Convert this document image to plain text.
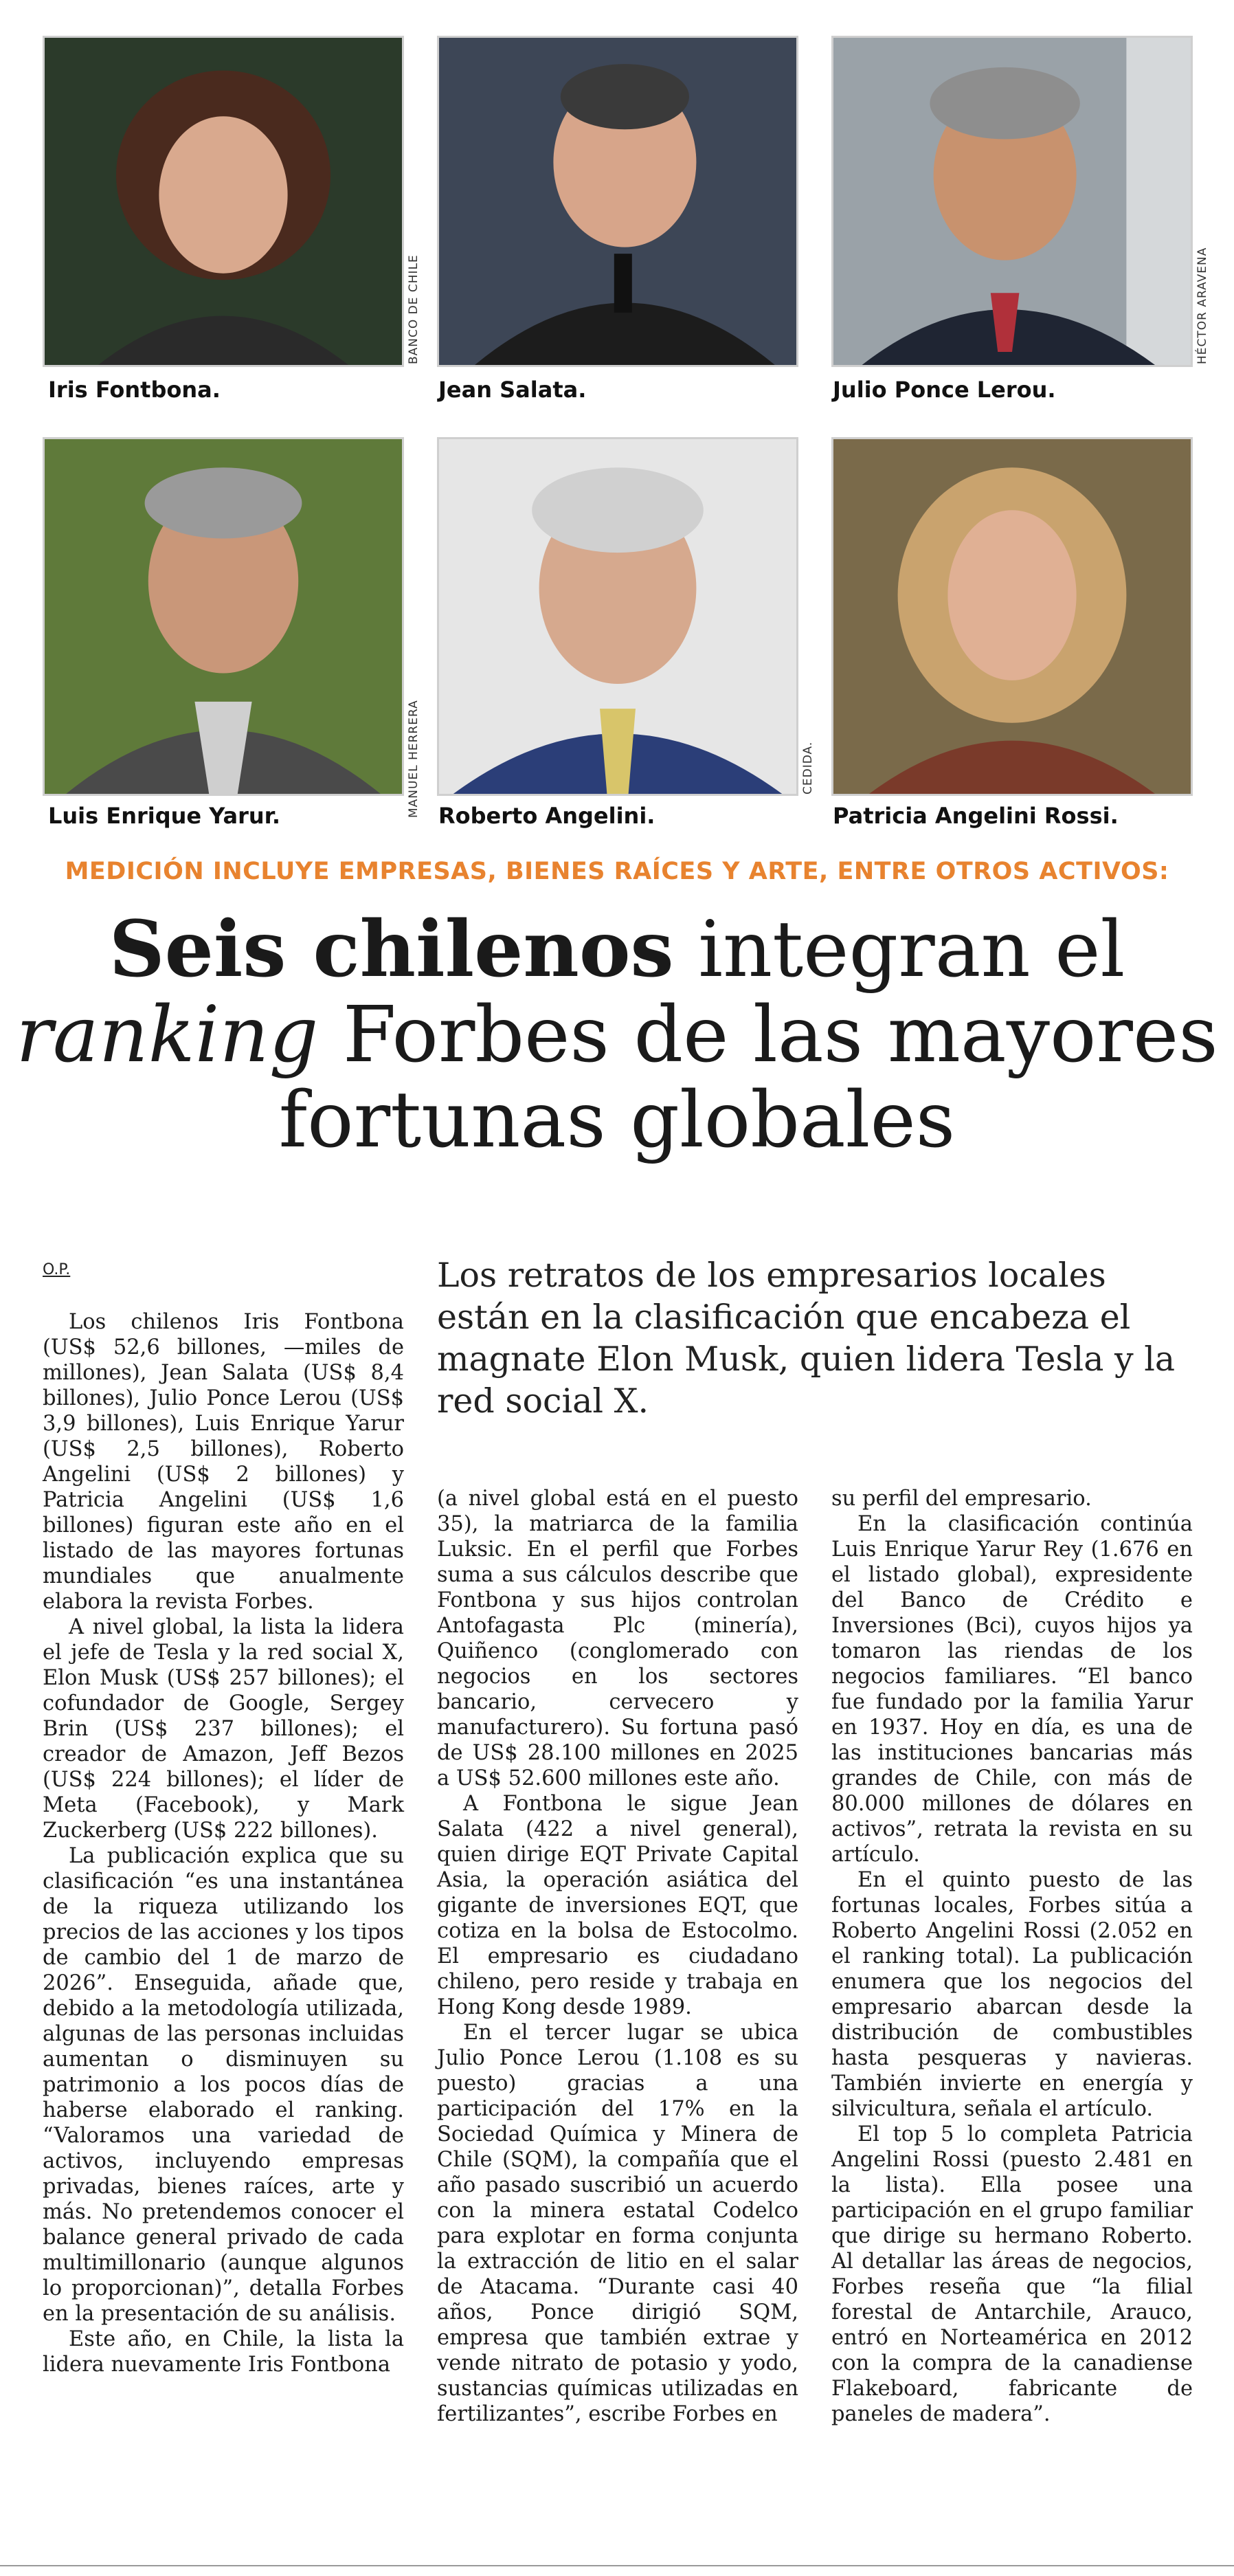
Iris Fontbona.	Jean Salata.	Julio Ponce Lerou.
BANCO DE CHILE	HÉCTOR ARAVENA
Luis Enrique Yarur.	Roberto Angelini.	Patricia Angelini Rossi.
MANUEL HERRERA	CEDIDA.
MEDICIÓN INCLUYE EMPRESAS, BIENES RAÍCES Y ARTE, ENTRE OTROS ACTIVOS:
Seis chilenos integran el
ranking Forbes de las mayores
fortunas globales
O.P.	Los retratos de los empresarios locales están en la clasificación que encabeza el magnate Elon Musk, quien lidera Tesla y la red social X.

Los chilenos Iris Fontbona (US$ 52,6 billones, —miles de millones), Jean Salata (US$ 8,4 billones), Julio Ponce Lerou (US$ 3,9 billones), Luis Enrique Yarur (US$ 2,5 billones), Roberto Angelini (US$ 2 billones) y Patricia Angelini (US$ 1,6 billones) figuran este año en el listado de las mayores fortunas mundiales que anualmente elabora la revista Forbes.

A nivel global, la lista la lidera el jefe de Tesla y la red social X, Elon Musk (US$ 257 billones); el cofundador de Google, Sergey Brin (US$ 237 billones); el creador de Amazon, Jeff Bezos (US$ 224 billones); el líder de Meta (Facebook), y Mark Zuckerberg (US$ 222 billones).

La publicación explica que su clasificación “es una instantánea de la riqueza utilizando los precios de las acciones y los tipos de cambio del 1 de marzo de 2026”. Enseguida, añade que, debido a la metodología utilizada, algunas de las personas incluidas aumentan o disminuyen su patrimonio a los pocos días de haberse elaborado el ranking. “Valoramos una variedad de activos, incluyendo empresas privadas, bienes raíces, arte y más. No pretendemos conocer el balance general privado de cada multimillonario (aunque algunos lo proporcionan)”, detalla Forbes en la presentación de su análisis.

Este año, en Chile, la lista la lidera nuevamente Iris Fontbona

(a nivel global está en el puesto 35), la matriarca de la familia Luksic. En el perfil que Forbes suma a sus cálculos describe que Fontbona y sus hijos controlan Antofagasta Plc (minería), Quiñenco (conglomerado con negocios en los sectores bancario, cervecero y manufacturero). Su fortuna pasó de US$ 28.100 millones en 2025 a US$ 52.600 millones este año.

A Fontbona le sigue Jean Salata (422 a nivel general), quien dirige EQT Private Capital Asia, la operación asiática del gigante de inversiones EQT, que cotiza en la bolsa de Estocolmo. El empresario es ciudadano chileno, pero reside y trabaja en Hong Kong desde 1989.

En el tercer lugar se ubica Julio Ponce Lerou (1.108 es su puesto) gracias a una participación del 17% en la Sociedad Química y Minera de Chile (SQM), la compañía que el año pasado suscribió un acuerdo con la minera estatal Codelco para explotar en forma conjunta la extracción de litio en el salar de Atacama. “Durante casi 40 años, Ponce dirigió SQM, empresa que también extrae y vende nitrato de potasio y yodo, sustancias químicas utilizadas en fertilizantes”, escribe Forbes en

su perfil del empresario.

En la clasificación continúa Luis Enrique Yarur Rey (1.676 en el listado global), expresidente del Banco de Crédito e Inversiones (Bci), cuyos hijos ya tomaron las riendas de los negocios familiares. “El banco fue fundado por la familia Yarur en 1937. Hoy en día, es una de las instituciones bancarias más grandes de Chile, con más de 80.000 millones de dólares en activos”, retrata la revista en su artículo.

En el quinto puesto de las fortunas locales, Forbes sitúa a Roberto Angelini Rossi (2.052 en el ranking total). La publicación enumera que los negocios del empresario abarcan desde la distribución de combustibles hasta pesqueras y navieras. También invierte en energía y silvicultura, señala el artículo.

El top 5 lo completa Patricia Angelini Rossi (puesto 2.481 en la lista). Ella posee una participación en el grupo familiar que dirige su hermano Roberto. Al detallar las áreas de negocios, Forbes reseña que “la filial forestal de Antarchile, Arauco, entró en Norteamérica en 2012 con la compra de la canadiense Flakeboard, fabricante de paneles de madera”.
